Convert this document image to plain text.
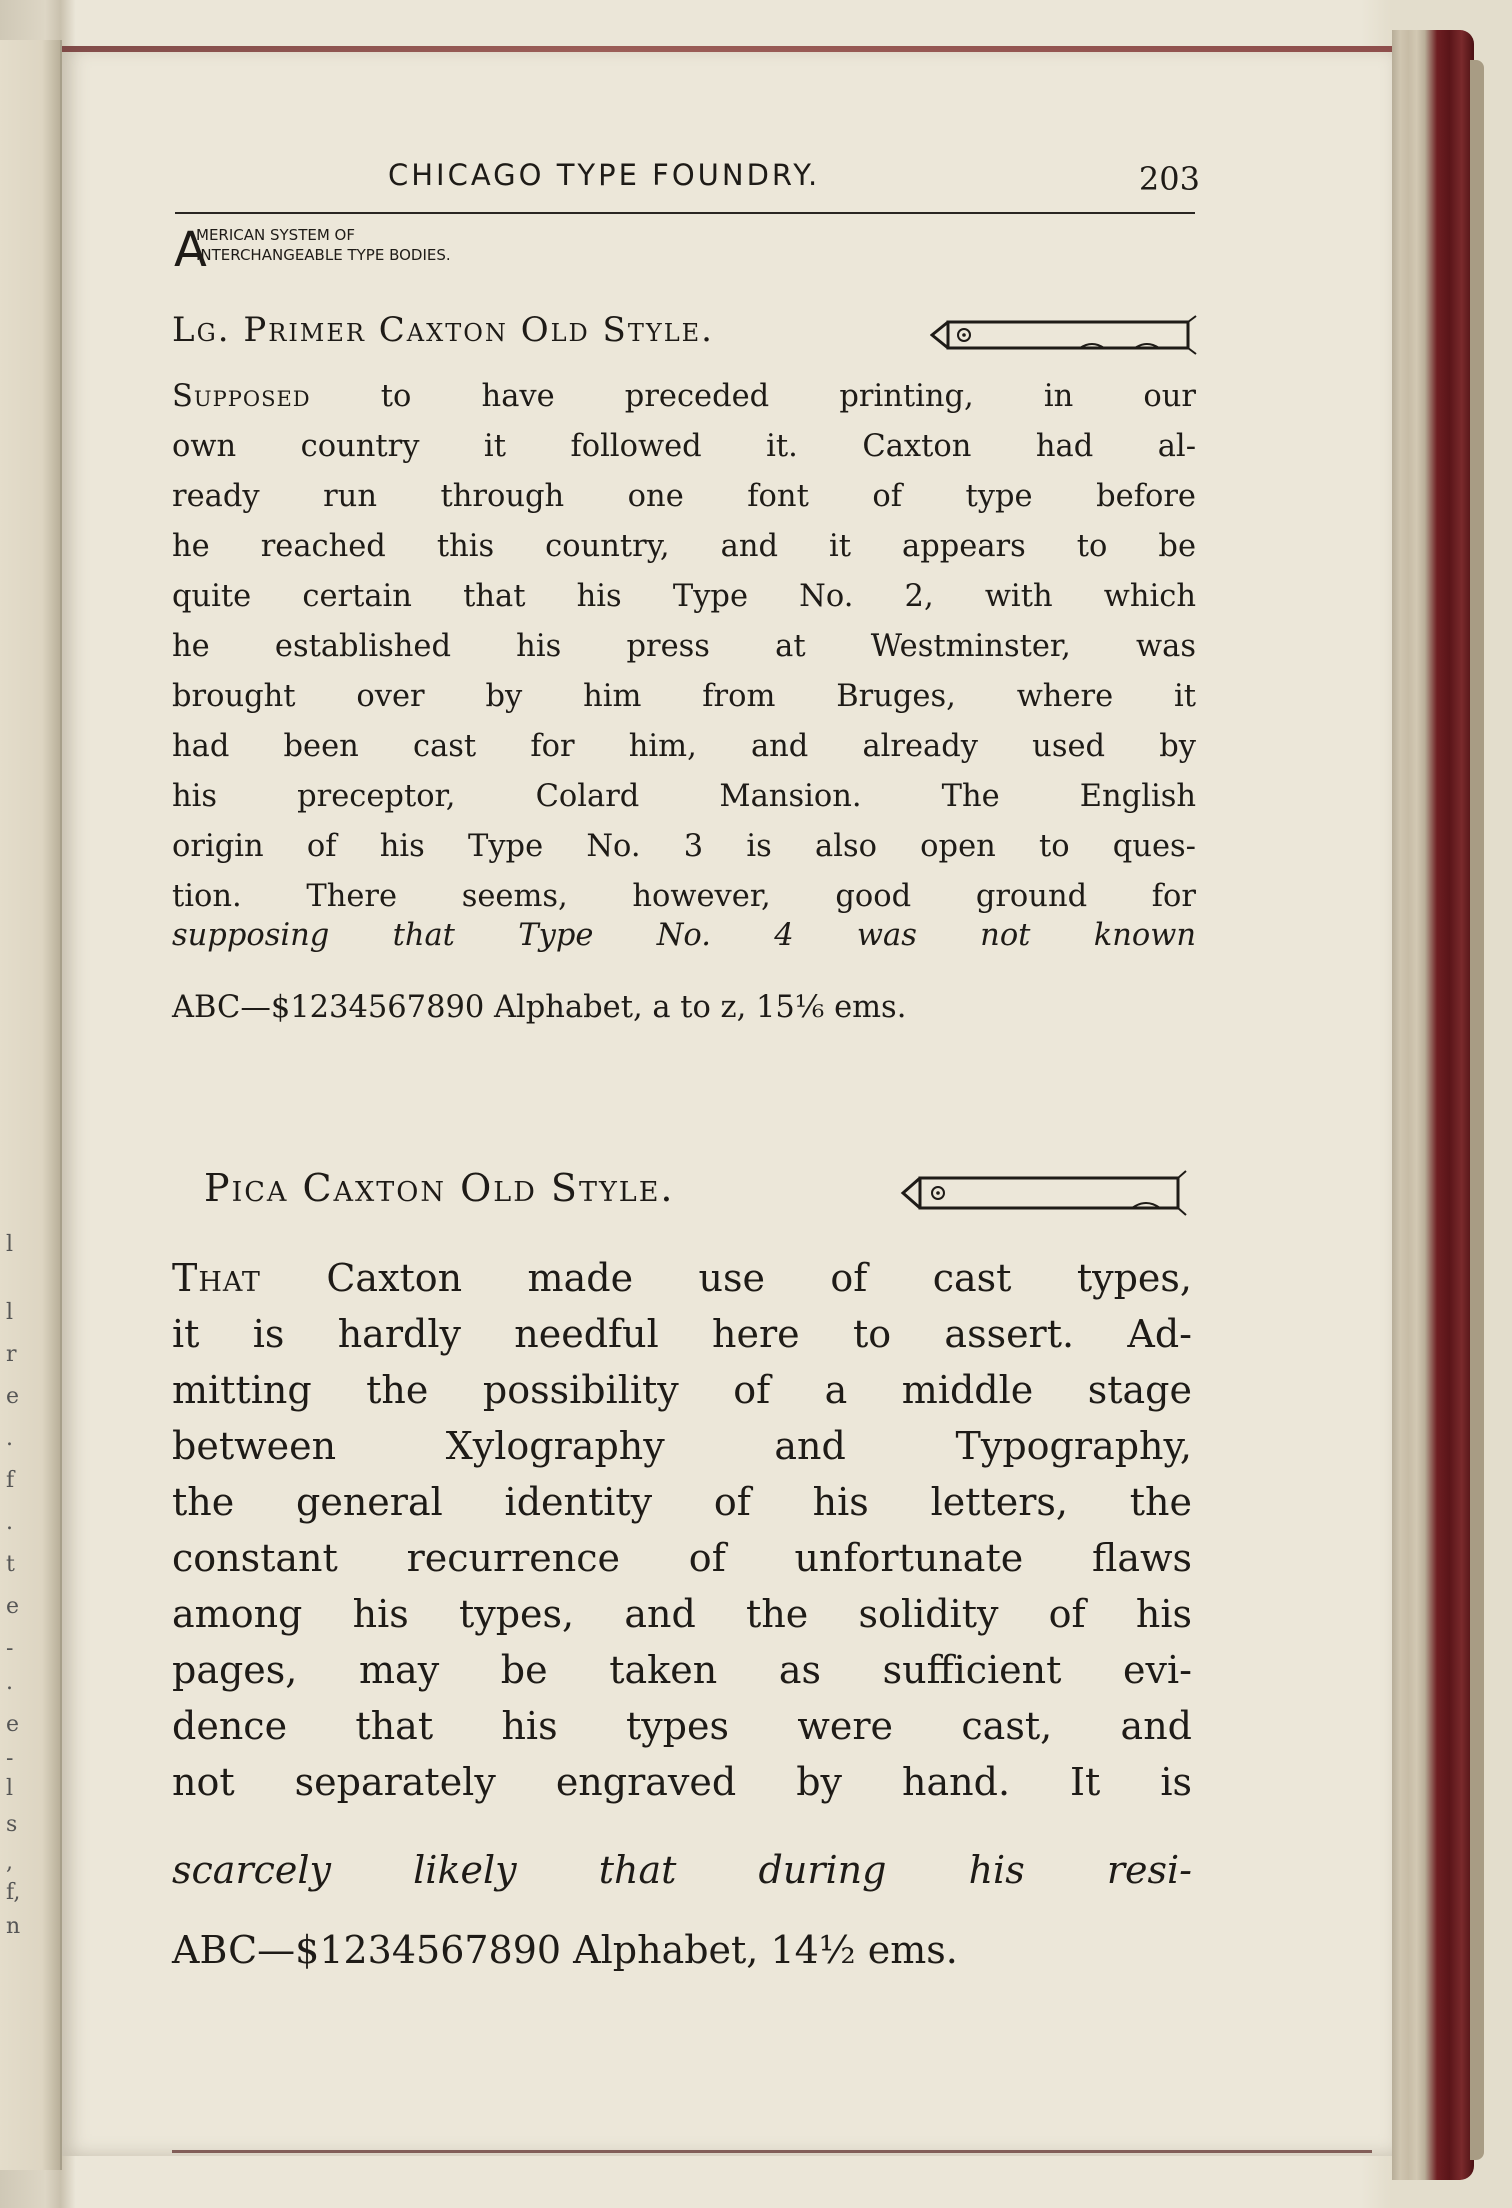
CHICAGO TYPE FOUNDRY.	203
A
MERICAN SYSTEM OF
INTERCHANGEABLE TYPE BODIES.
Lg. Primer Caxton Old Style.
Supposed to have preceded printing, in our
own country it followed it. Caxton had al-
ready run through one font of type before
he reached this country, and it appears to be
quite certain that his Type No. 2, with which
he established his press at Westminster, was
brought over by him from Bruges, where it
had been cast for him, and already used by
his preceptor, Colard Mansion. The English
origin of his Type No. 3 is also open to ques-
tion. There seems, however, good ground for
supposing that Type No. 4 was not known
ABC—$1234567890 Alphabet, a to z, 15⅙ ems.
Pica Caxton Old Style.
That Caxton made use of cast types,
it is hardly needful here to assert. Ad-
mitting the possibility of a middle stage
between Xylography and Typography,
the general identity of his letters, the
constant recurrence of unfortunate flaws
among his types, and the solidity of his
pages, may be taken as sufficient evi-
dence that his types were cast, and
not separately engraved by hand. It is
scarcely likely that during his resi-
ABC—$1234567890 Alphabet, 14½ ems.
l
l
r
e
.
f
.
t
e
-
.
e
-
l
s
,
f,
n
